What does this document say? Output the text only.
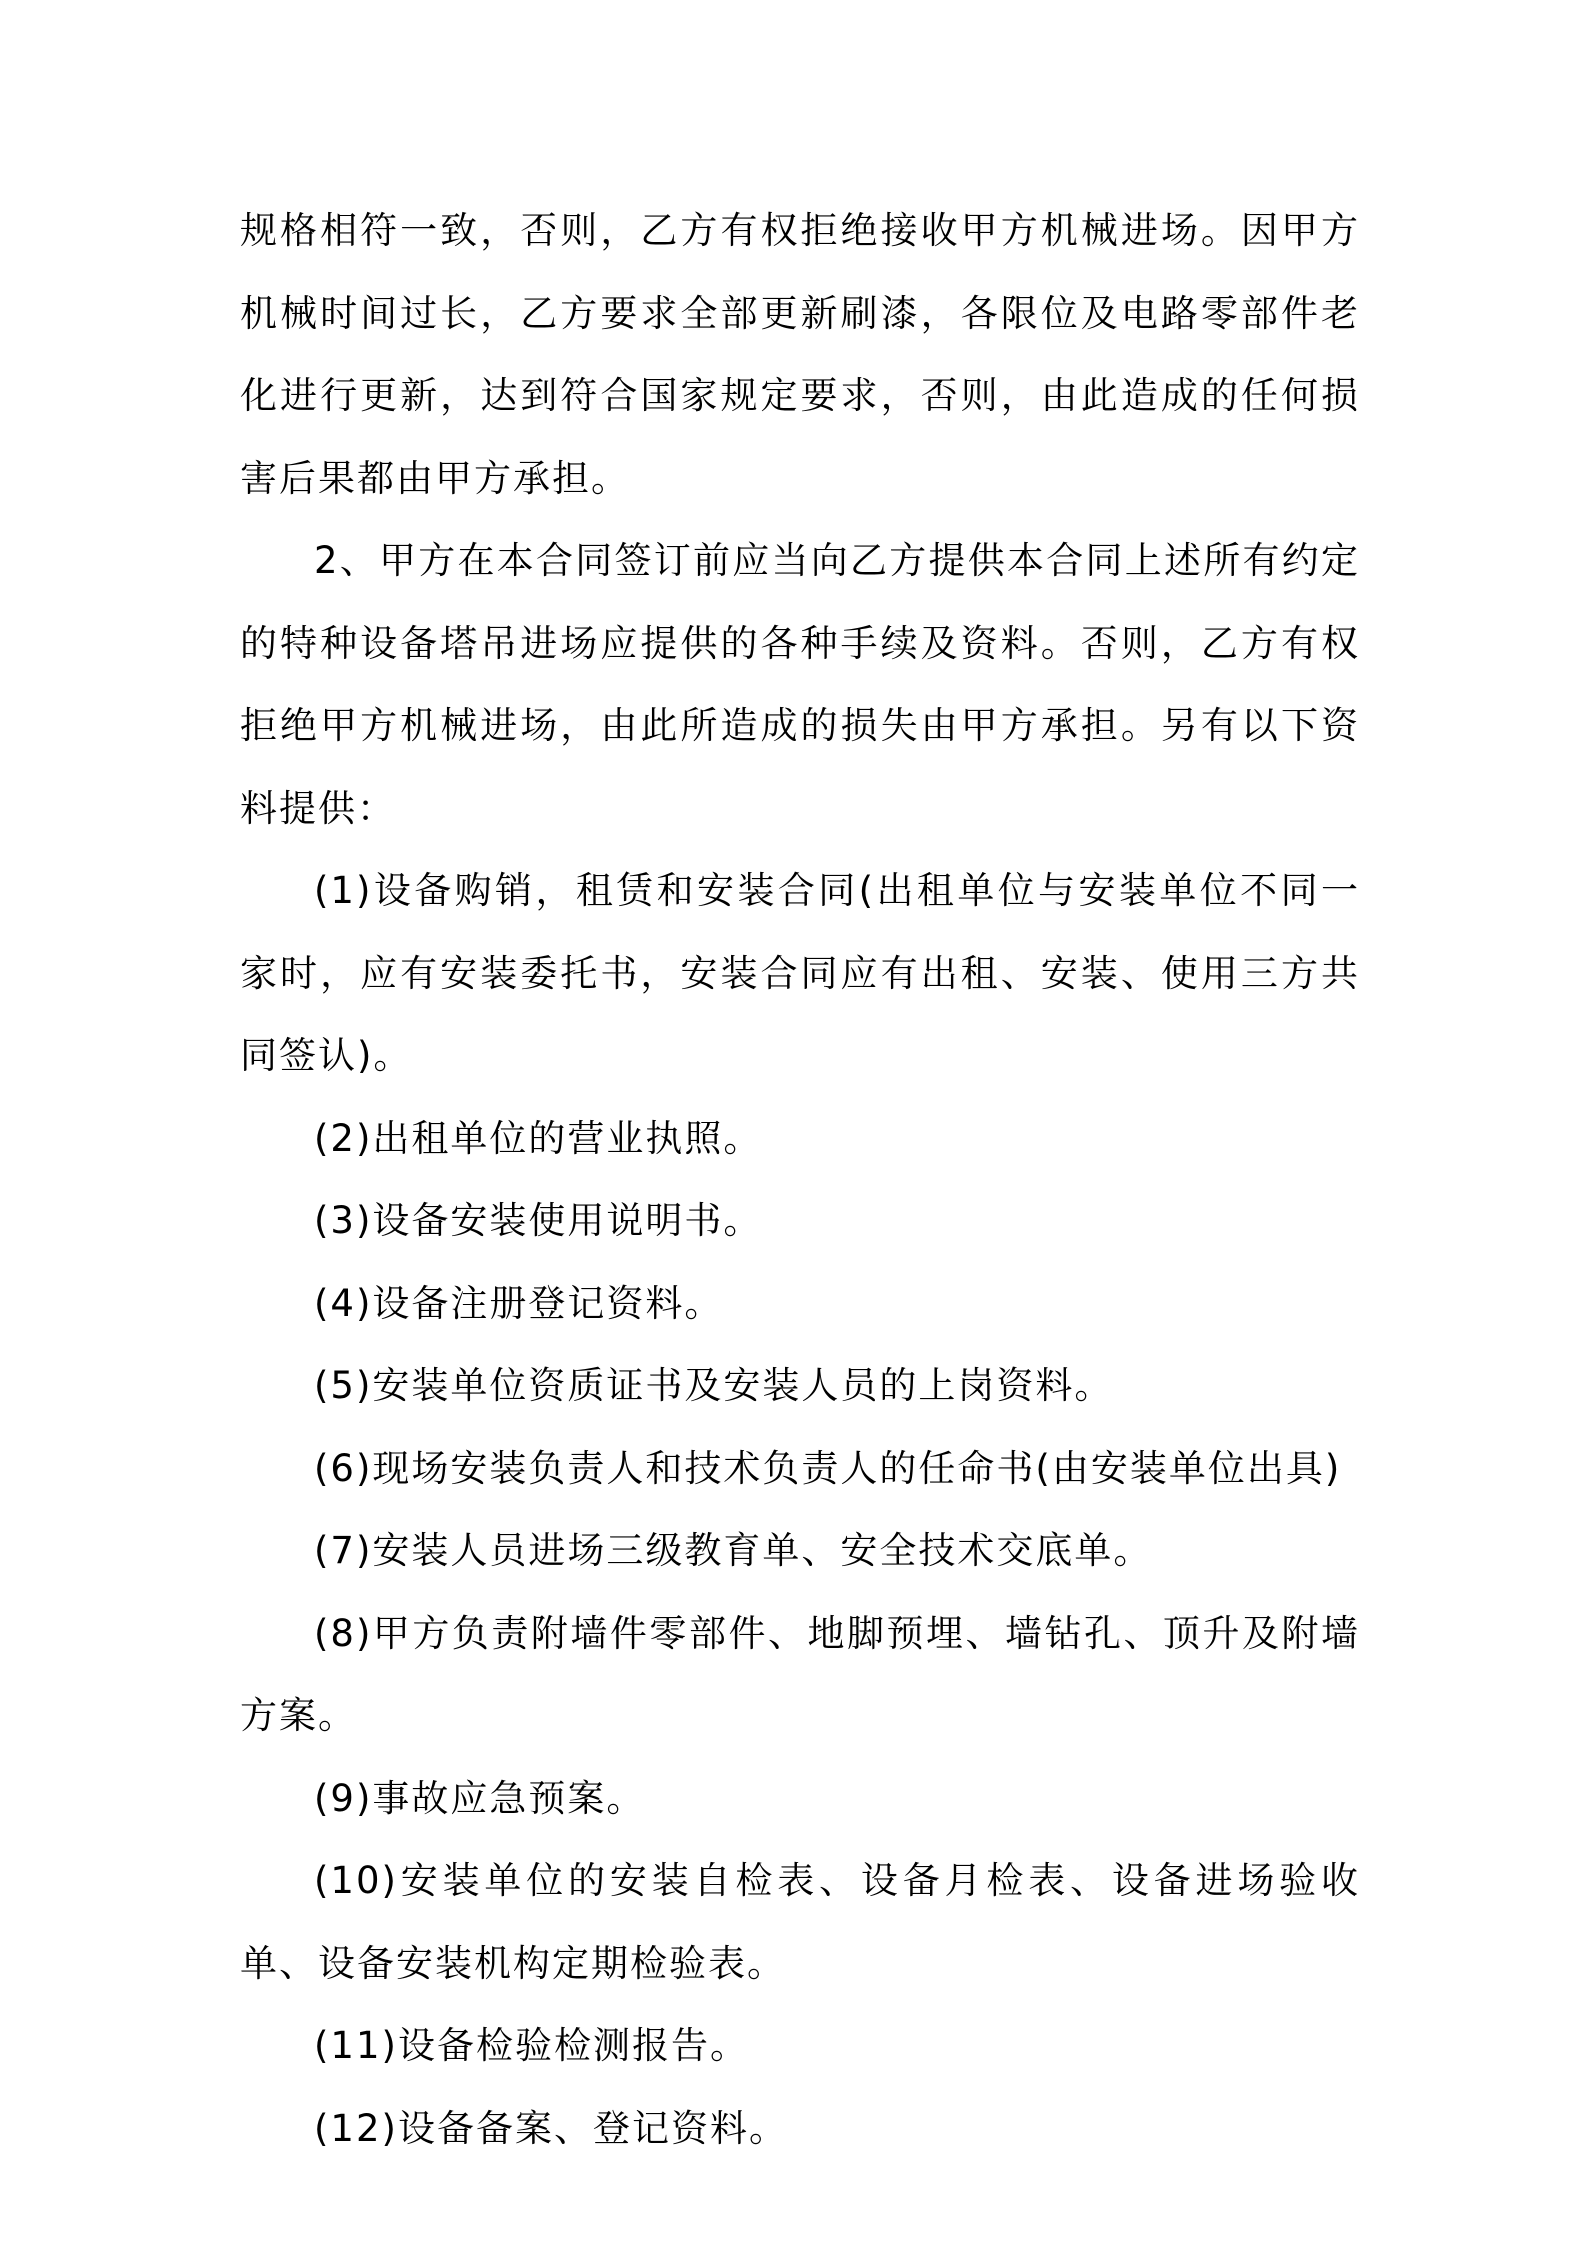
规格相符一致，否则，乙方有权拒绝接收甲方机械进场。因甲方机械时间过长，乙方要求全部更新刷漆，各限位及电路零部件老化进行更新，达到符合国家规定要求，否则，由此造成的任何损害后果都由甲方承担。

2、甲方在本合同签订前应当向乙方提供本合同上述所有约定的特种设备塔吊进场应提供的各种手续及资料。否则，乙方有权拒绝甲方机械进场，由此所造成的损失由甲方承担。另有以下资料提供：

(1)设备购销，租赁和安装合同(出租单位与安装单位不同一家时，应有安装委托书，安装合同应有出租、安装、使用三方共同签认)。

(2)出租单位的营业执照。

(3)设备安装使用说明书。

(4)设备注册登记资料。

(5)安装单位资质证书及安装人员的上岗资料。

(6)现场安装负责人和技术负责人的任命书(由安装单位出具)

(7)安装人员进场三级教育单、安全技术交底单。

(8)甲方负责附墙件零部件、地脚预埋、墙钻孔、顶升及附墙方案。

(9)事故应急预案。

(10)安装单位的安装自检表、设备月检表、设备进场验收单、设备安装机构定期检验表。

(11)设备检验检测报告。

(12)设备备案、登记资料。
